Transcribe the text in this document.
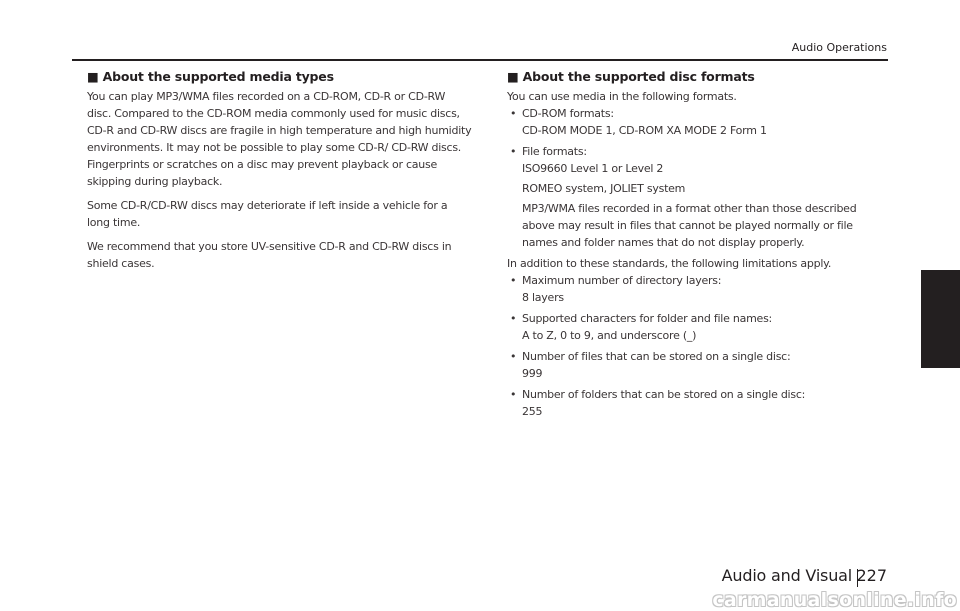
Audio Operations
■ About the supported media types

You can play MP3/WMA files recorded on a CD-ROM, CD-R or CD-RW disc. Compared to the CD-ROM media commonly used for music discs, CD-R and CD-RW discs are fragile in high temperature and high humidity environments. It may not be possible to play some CD-R/ CD-RW discs. Fingerprints or scratches on a disc may prevent playback or cause skipping during playback.

Some CD-R/CD-RW discs may deteriorate if left inside a vehicle for a long time.

We recommend that you store UV-sensitive CD-R and CD-RW discs in shield cases.

■ About the supported disc formats

You can use media in the following formats.

• CD-ROM formats:
CD-ROM MODE 1, CD-ROM XA MODE 2 Form 1
• File formats:
ISO9660 Level 1 or Level 2
ROMEO system, JOLIET system
MP3/WMA files recorded in a format other than those described above may result in files that cannot be played normally or file names and folder names that do not display properly.

In addition to these standards, the following limitations apply.

• Maximum number of directory layers:
8 layers
• Supported characters for folder and file names:
A to Z, 0 to 9, and underscore (_)
• Number of files that can be stored on a single disc:
999
• Number of folders that can be stored on a single disc:
255
Audio and Visual 227
carmanualsonline.info
